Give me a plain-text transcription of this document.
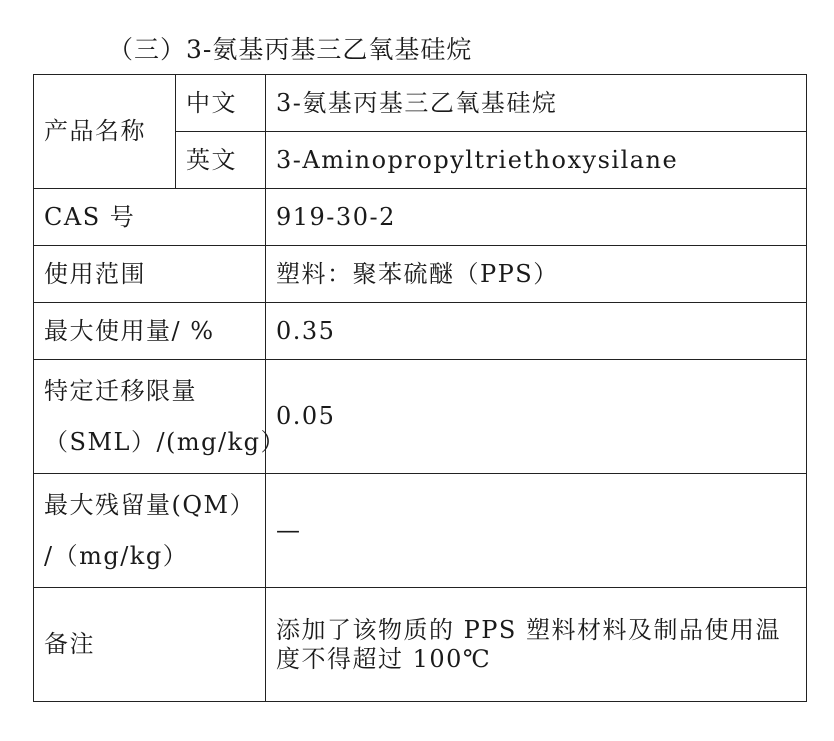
（三）3-氨基丙基三乙氧基硅烷
产品名称	中文	3-氨基丙基三乙氧基硅烷
	英文	3-Aminopropyltriethoxysilane
CAS 号		919-30-2
使用范围		塑料：聚苯硫醚（PPS）
最大使用量/ %		0.35

特定迁移限量
（SML）/(mg/kg）		0.05

最大残留量(QM）
/（mg/kg）		—
备注		添加了该物质的 PPS 塑料材料及制品使用温度不得超过 100℃
